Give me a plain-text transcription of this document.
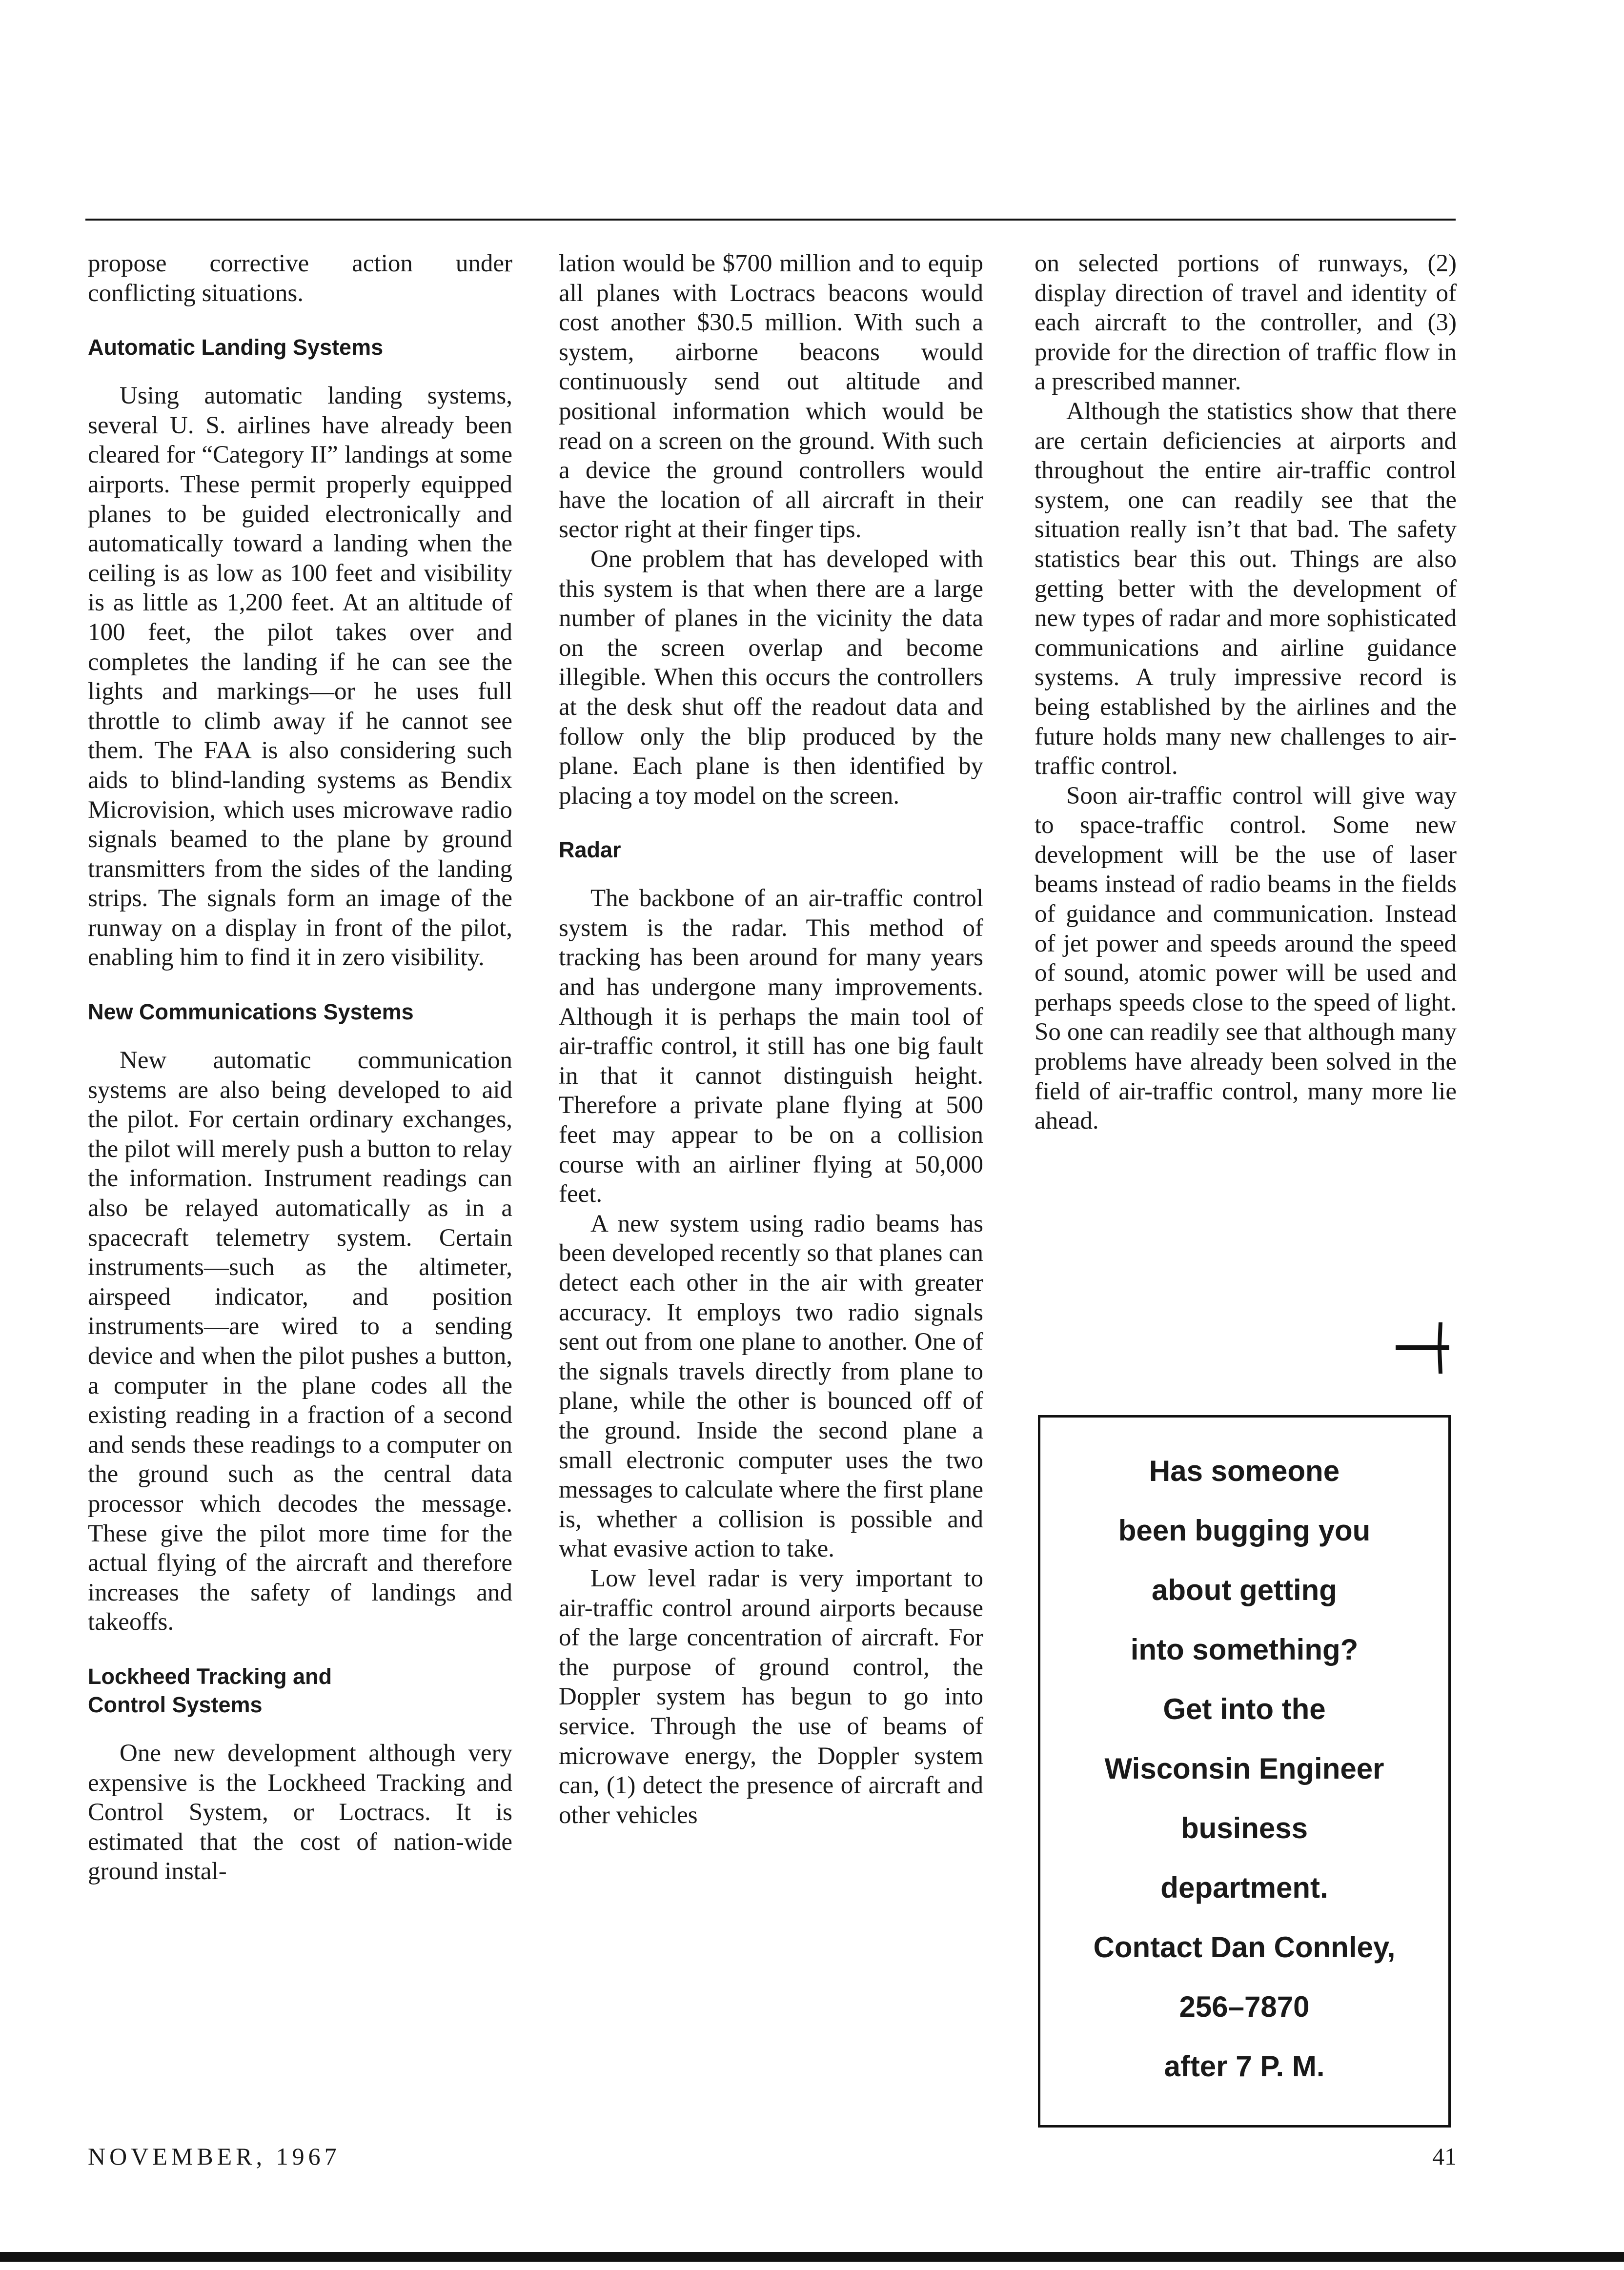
propose corrective action under conflicting situations.

Automatic Landing Systems

Using automatic landing systems, several U. S. airlines have already been cleared for “Category II” landings at some airports. These permit properly equipped planes to be guided electronically and automatically toward a landing when the ceiling is as low as 100 feet and visibility is as little as 1,200 feet. At an altitude of 100 feet, the pilot takes over and completes the landing if he can see the lights and markings—or he uses full throttle to climb away if he cannot see them. The FAA is also considering such aids to blind-landing systems as Bendix Microvision, which uses microwave radio signals beamed to the plane by ground transmitters from the sides of the landing strips. The signals form an image of the runway on a display in front of the pilot, enabling him to find it in zero visibility.

New Communications Systems

New automatic communication systems are also being developed to aid the pilot. For certain ordinary exchanges, the pilot will merely push a button to relay the information. Instrument readings can also be relayed automatically as in a spacecraft telemetry system. Certain instruments—such as the altimeter, airspeed indicator, and position instruments—are wired to a sending device and when the pilot pushes a button, a computer in the plane codes all the existing reading in a fraction of a second and sends these readings to a computer on the ground such as the central data processor which decodes the message. These give the pilot more time for the actual flying of the aircraft and therefore increases the safety of landings and takeoffs.

Lockheed Tracking and
Control Systems

One new development although very expensive is the Lockheed Tracking and Control System, or Loctracs. It is estimated that the cost of nation-wide ground instal-

lation would be $700 million and to equip all planes with Loctracs beacons would cost another $30.5 million. With such a system, airborne beacons would continuously send out altitude and positional information which would be read on a screen on the ground. With such a device the ground controllers would have the location of all aircraft in their sector right at their finger tips.

One problem that has developed with this system is that when there are a large number of planes in the vicinity the data on the screen overlap and become illegible. When this occurs the controllers at the desk shut off the readout data and follow only the blip produced by the plane. Each plane is then identified by placing a toy model on the screen.

Radar

The backbone of an air-traffic control system is the radar. This method of tracking has been around for many years and has undergone many improvements. Although it is perhaps the main tool of air-traffic control, it still has one big fault in that it cannot distinguish height. Therefore a private plane flying at 500 feet may appear to be on a collision course with an airliner flying at 50,000 feet.

A new system using radio beams has been developed recently so that planes can detect each other in the air with greater accuracy. It employs two radio signals sent out from one plane to another. One of the signals travels directly from plane to plane, while the other is bounced off of the ground. Inside the second plane a small electronic computer uses the two messages to calculate where the first plane is, whether a collision is possible and what evasive action to take.

Low level radar is very important to air-traffic control around airports because of the large concentration of aircraft. For the purpose of ground control, the Doppler system has begun to go into service. Through the use of beams of microwave energy, the Doppler system can, (1) detect the presence of aircraft and other vehicles

on selected portions of runways, (2) display direction of travel and identity of each aircraft to the controller, and (3) provide for the direction of traffic flow in a prescribed manner.

Although the statistics show that there are certain deficiencies at airports and throughout the entire air-traffic control system, one can readily see that the situation really isn’t that bad. The safety statistics bear this out. Things are also getting better with the development of new types of radar and more sophisticated communications and airline guidance systems. A truly impressive record is being established by the airlines and the future holds many new challenges to air-traffic control.

Soon air-traffic control will give way to space-traffic control. Some new development will be the use of laser beams instead of radio beams in the fields of guidance and communication. Instead of jet power and speeds around the speed of sound, atomic power will be used and perhaps speeds close to the speed of light. So one can readily see that although many problems have already been solved in the field of air-traffic control, many more lie ahead.

Has someone
been bugging you
about getting
into something?
Get into the
Wisconsin Engineer
business
department.
Contact Dan Connley,
256–7870
after 7 P. M.
NOVEMBER, 1967	41
